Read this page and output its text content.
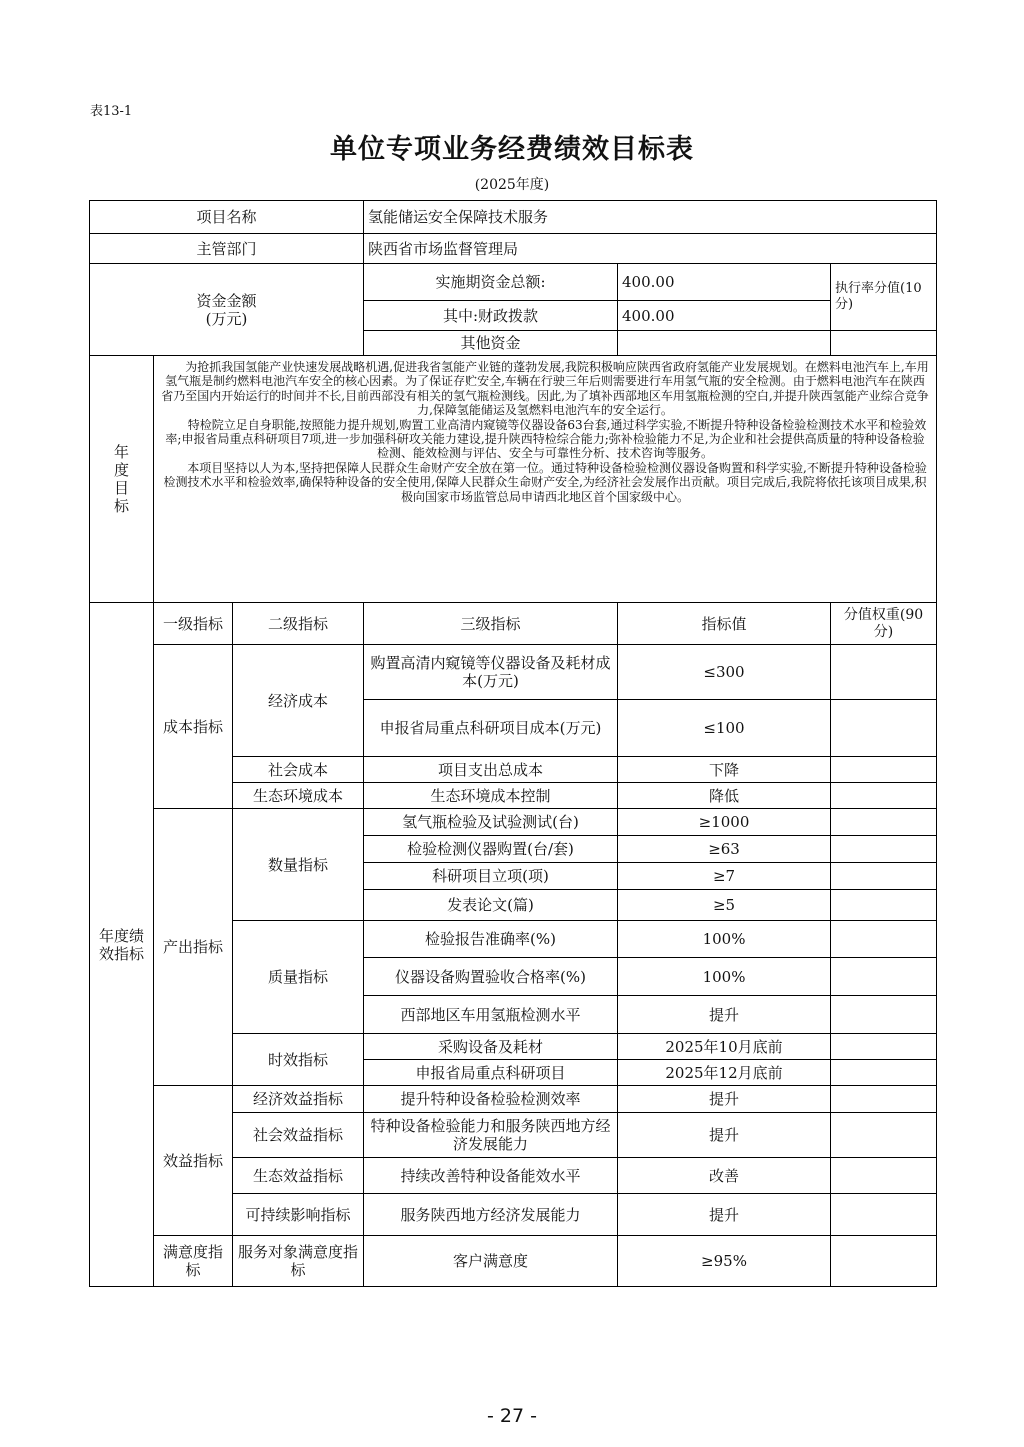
表13-1
单位专项业务经费绩效目标表
(2025年度)
项目名称			氢能储运安全保障技术服务		
主管部门			陕西省市场监督管理局		
资金金额
(万元)			实施期资金总额:	400.00	执行率分值(10分)
			其中:财政拨款	400.00	
			其他资金		
年度目标	为抢抓我国氢能产业快速发展战略机遇,促进我省氢能产业链的蓬勃发展,我院积极响应陕西省政府氢能产业发展规划。在燃料电池汽车上,车用氢气瓶是制约燃料电池汽车安全的核心因素。为了保证存贮安全,车辆在行驶三年后则需要进行车用氢气瓶的安全检测。由于燃料电池汽车在陕西省乃至国内开始运行的时间并不长,目前西部没有相关的氢气瓶检测线。因此,为了填补西部地区车用氢瓶检测的空白,并提升陕西氢能产业综合竞争力,保障氢能储运及氢燃料电池汽车的安全运行。

特检院立足自身职能,按照能力提升规划,购置工业高清内窥镜等仪器设备63台套,通过科学实验,不断提升特种设备检验检测技术水平和检验效率;申报省局重点科研项目7项,进一步加强科研攻关能力建设,提升陕西特检综合能力;弥补检验能力不足,为企业和社会提供高质量的特种设备检验检测、能效检测与评估、安全与可靠性分析、技术咨询等服务。

本项目坚持以人为本,坚持把保障人民群众生命财产安全放在第一位。通过特种设备检验检测仪器设备购置和科学实验,不断提升特种设备检验检测技术水平和检验效率,确保特种设备的安全使用,保障人民群众生命财产安全,为经济社会发展作出贡献。项目完成后,我院将依托该项目成果,积极向国家市场监管总局申请西北地区首个国家级中心。				

年度绩效指标	一级指标	二级指标	三级指标	指标值	分值权重(90分)
	成本指标	经济成本	购置高清内窥镜等仪器设备及耗材成本(万元)	≤300	
			申报省局重点科研项目成本(万元)	≤100	
		社会成本	项目支出总成本	下降	
		生态环境成本	生态环境成本控制	降低	
	产出指标	数量指标	氢气瓶检验及试验测试(台)	≥1000	
			检验检测仪器购置(台/套)	≥63	
			科研项目立项(项)	≥7	
			发表论文(篇)	≥5	
		质量指标	检验报告准确率(%)	100%	
			仪器设备购置验收合格率(%)	100%	
			西部地区车用氢瓶检测水平	提升	
		时效指标	采购设备及耗材	2025年10月底前	
			申报省局重点科研项目	2025年12月底前	
	效益指标	经济效益指标	提升特种设备检验检测效率	提升	
		社会效益指标	特种设备检验能力和服务陕西地方经济发展能力	提升	
		生态效益指标	持续改善特种设备能效水平	改善	
		可持续影响指标	服务陕西地方经济发展能力	提升	
	满意度指标	服务对象满意度指标	客户满意度	≥95%	
- 27 -
